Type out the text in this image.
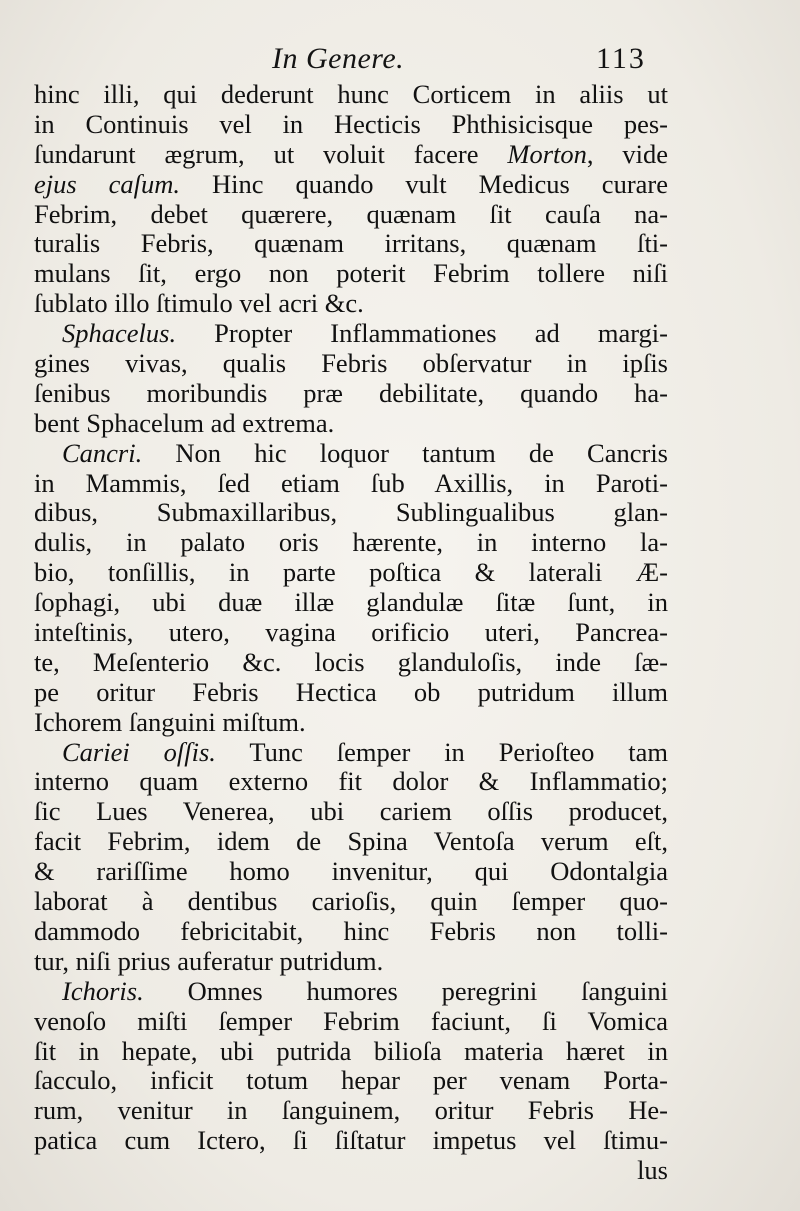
In Genere.	113
hinc illi, qui dederunt hunc Corticem in aliis ut
in Continuis vel in Hecticis Phthisicisque pes-
ſundarunt ægrum, ut voluit facere Morton, vide
ejus caſum. Hinc quando vult Medicus curare
Febrim, debet quærere, quænam ſit cauſa na-
turalis Febris, quænam irritans, quænam ſti-
mulans ſit, ergo non poterit Febrim tollere niſi
ſublato illo ſtimulo vel acri &c.
Sphacelus. Propter Inflammationes ad margi-
gines vivas, qualis Febris obſervatur in ipſis
ſenibus moribundis præ debilitate, quando ha-
bent Sphacelum ad extrema.
Cancri. Non hic loquor tantum de Cancris
in Mammis, ſed etiam ſub Axillis, in Paroti-
dibus, Submaxillaribus, Sublingualibus glan-
dulis, in palato oris hærente, in interno la-
bio, tonſillis, in parte poſtica & laterali Æ-
ſophagi, ubi duæ illæ glandulæ ſitæ ſunt, in
inteſtinis, utero, vagina orificio uteri, Pancrea-
te, Meſenterio &c. locis glanduloſis, inde ſæ-
pe oritur Febris Hectica ob putridum illum
Ichorem ſanguini miſtum.
Cariei oſſis. Tunc ſemper in Perioſteo tam
interno quam externo fit dolor & Inflammatio;
ſic Lues Venerea, ubi cariem oſſis producet,
facit Febrim, idem de Spina Ventoſa verum eſt,
& rariſſime homo invenitur, qui Odontalgia
laborat à dentibus carioſis, quin ſemper quo-
dammodo febricitabit, hinc Febris non tolli-
tur, niſi prius auferatur putridum.
Ichoris. Omnes humores peregrini ſanguini
venoſo miſti ſemper Febrim faciunt, ſi Vomica
ſit in hepate, ubi putrida bilioſa materia hæret in
ſacculo, inficit totum hepar per venam Porta-
rum, venitur in ſanguinem, oritur Febris He-
patica cum Ictero, ſi ſiſtatur impetus vel ſtimu-
lus
